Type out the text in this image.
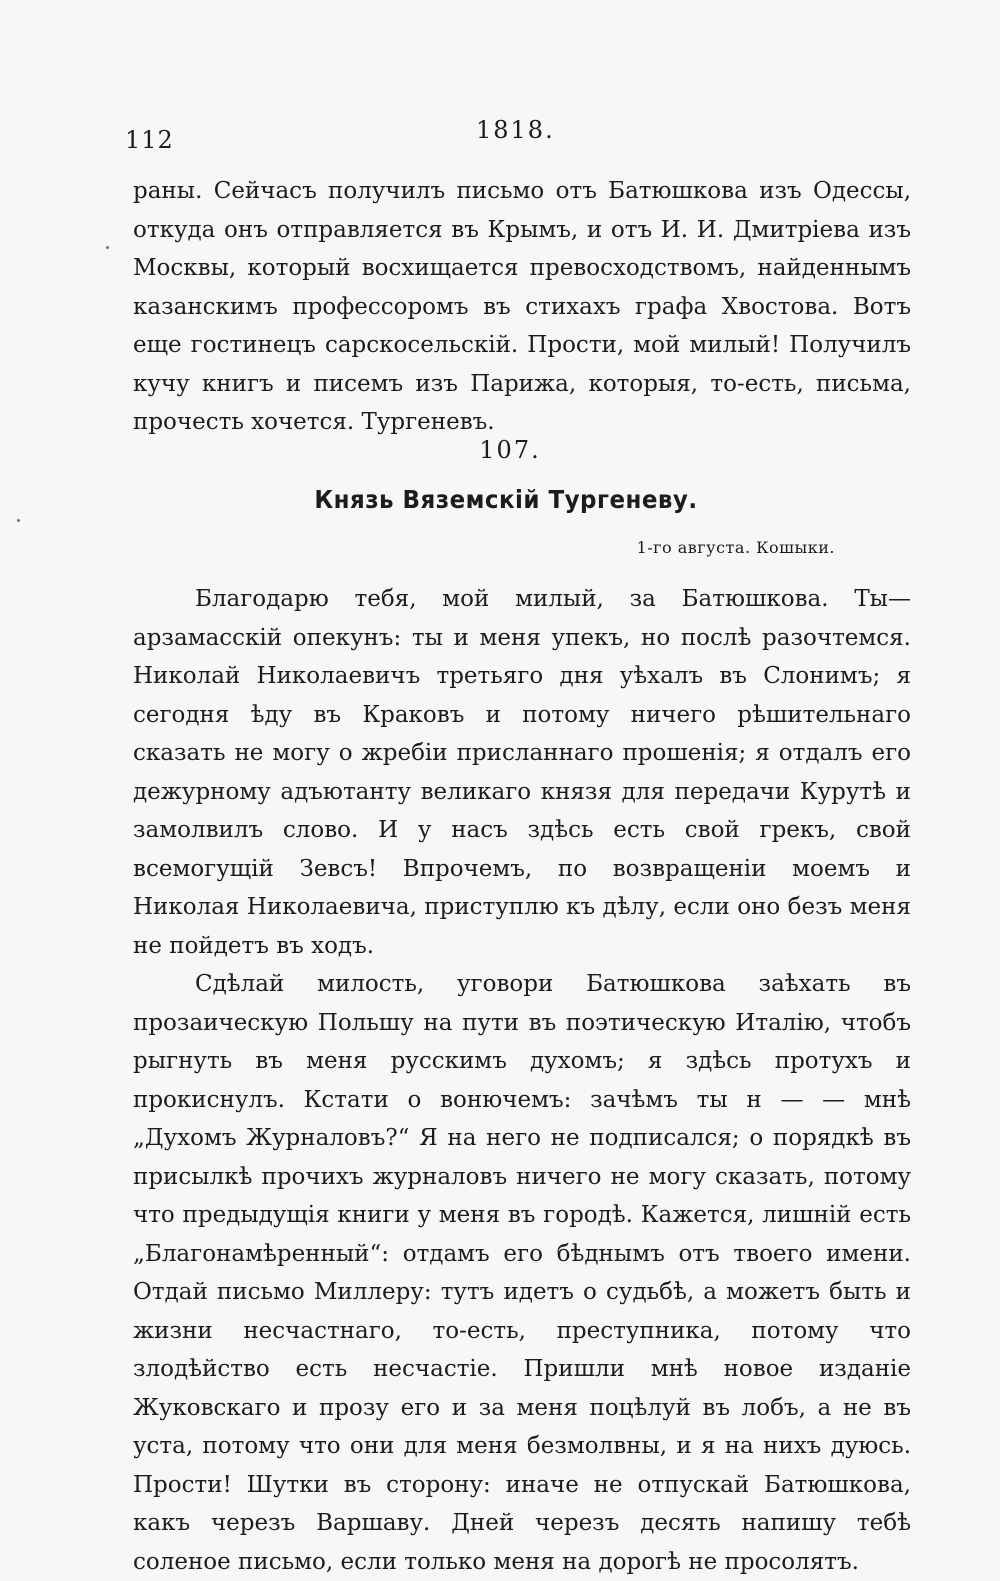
112	1818.

раны. Сейчасъ получилъ письмо отъ Батюшкова изъ Одессы, откуда онъ отправляется въ Крымъ, и отъ И. И. Дмитріева изъ Москвы, который восхищается превосходствомъ, найденнымъ казанскимъ профессоромъ въ стихахъ графа Хвостова. Вотъ еще гостинецъ сарскосельскій. Прости, мой милый! Получилъ кучу книгъ и писемъ изъ Парижа, которыя, то-есть, письма, прочесть хочется. Тургеневъ.

107.
Князь Вяземскій Тургеневу.
1-го августа. Кошыки.

Благодарю тебя, мой милый, за Батюшкова. Ты—арзамасскій опекунъ: ты и меня упекъ, но послѣ разочтемся. Николай Николаевичъ третьяго дня уѣхалъ въ Слонимъ; я сегодня ѣду въ Краковъ и потому ничего рѣшительнаго сказать не могу о жребіи присланнаго прошенія; я отдалъ его дежурному адъютанту великаго князя для передачи Курутѣ и замолвилъ слово. И у насъ здѣсь есть свой грекъ, свой всемогущій Зевсъ! Впрочемъ, по возвращеніи моемъ и Николая Николаевича, приступлю къ дѣлу, если оно безъ меня не пойдетъ въ ходъ.

Сдѣлай милость, уговори Батюшкова заѣхать въ прозаическую Польшу на пути въ поэтическую Италію, чтобъ рыгнуть въ меня русскимъ духомъ; я здѣсь протухъ и прокиснулъ. Кстати о вонючемъ: зачѣмъ ты н — — мнѣ „Духомъ Журналовъ?“ Я на него не подписался; о порядкѣ въ присылкѣ прочихъ журналовъ ничего не могу сказать, потому что предыдущія книги у меня въ городѣ. Кажется, лишній есть „Благонамѣренный“: отдамъ его бѣднымъ отъ твоего имени. Отдай письмо Миллеру: тутъ идетъ о судьбѣ, а можетъ быть и жизни несчастнаго, то-есть, преступника, потому что злодѣйство есть несчастіе. Пришли мнѣ новое изданіе Жуковскаго и прозу его и за меня поцѣлуй въ лобъ, а не въ уста, потому что они для меня безмолвны, и я на нихъ дуюсь. Прости! Шутки въ сторону: иначе не отпускай Батюшкова, какъ черезъ Варшаву. Дней черезъ десять напишу тебѣ соленое письмо, если только меня на дорогѣ не просолятъ.
